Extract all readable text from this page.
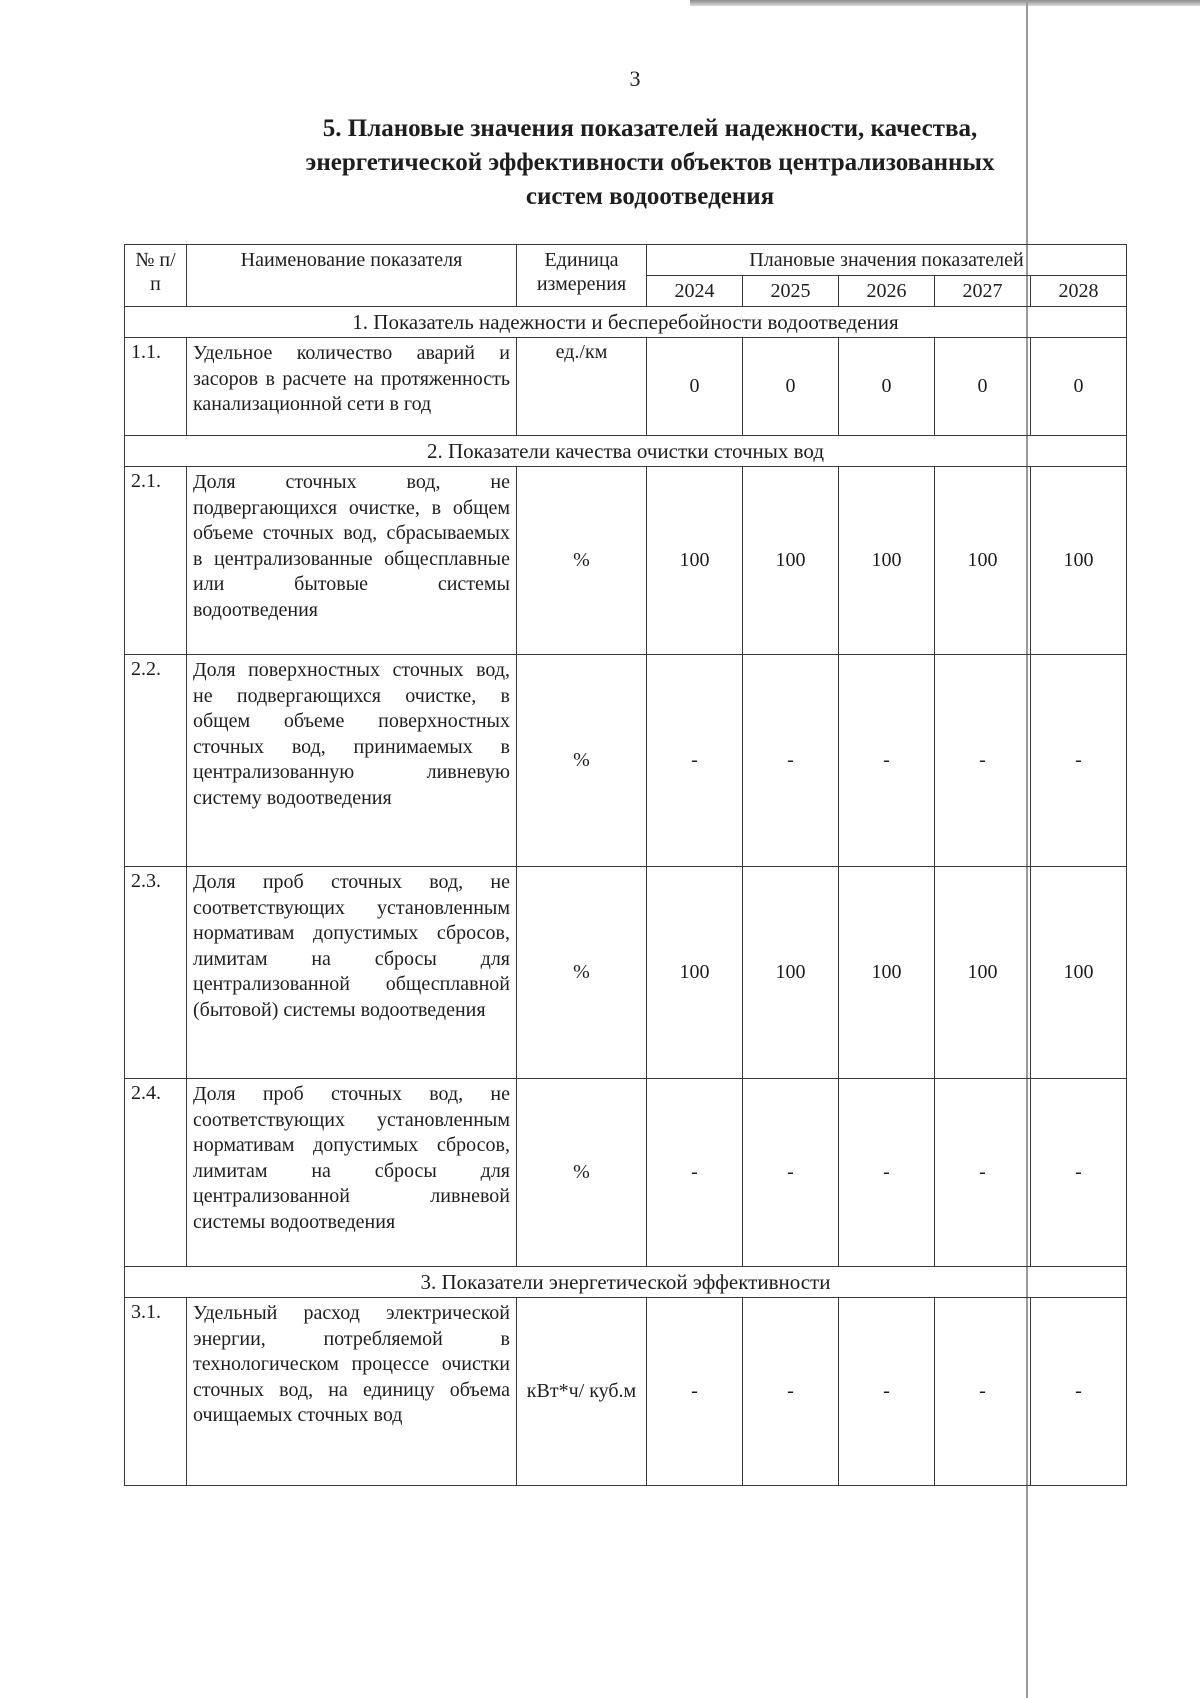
3
5. Плановые значения показателей надежности, качества,
энергетической эффективности объектов централизованных
систем водоотведения
№ п/п	Наименование показателя	Единица измерения	Плановые значения показателей				
			2024	2025	2026	2027	2028
1. Показатель надежности и бесперебойности водоотведения							
1.1.	Удельное количество аварий и засоров в расчете на протяженность канализационной сети в год	ед./км	0	0	0	0	0
2. Показатели качества очистки сточных вод							
2.1.	Доля сточных вод, не подвергающихся очистке, в общем объеме сточных вод, сбрасываемых в централизованные общесплавные или бытовые системы водоотведения	%	100	100	100	100	100
2.2.	Доля поверхностных сточных вод, не подвергающихся очистке, в общем объеме поверхностных сточных вод, принимаемых в централизованную ливневую систему водоотведения	%	-	-	-	-	-
2.3.	Доля проб сточных вод, не соответствующих установленным нормативам допустимых сбросов, лимитам на сбросы для централизованной общесплавной (бытовой) системы водоотведения	%	100	100	100	100	100
2.4.	Доля проб сточных вод, не соответствующих установленным нормативам допустимых сбросов, лимитам на сбросы для централизованной ливневой системы водоотведения	%	-	-	-	-	-
3. Показатели энергетической эффективности							
3.1.	Удельный расход электрической энергии, потребляемой в технологическом процессе очистки сточных вод, на единицу объема очищаемых сточных вод	кВт*ч/ куб.м	-	-	-	-	-
